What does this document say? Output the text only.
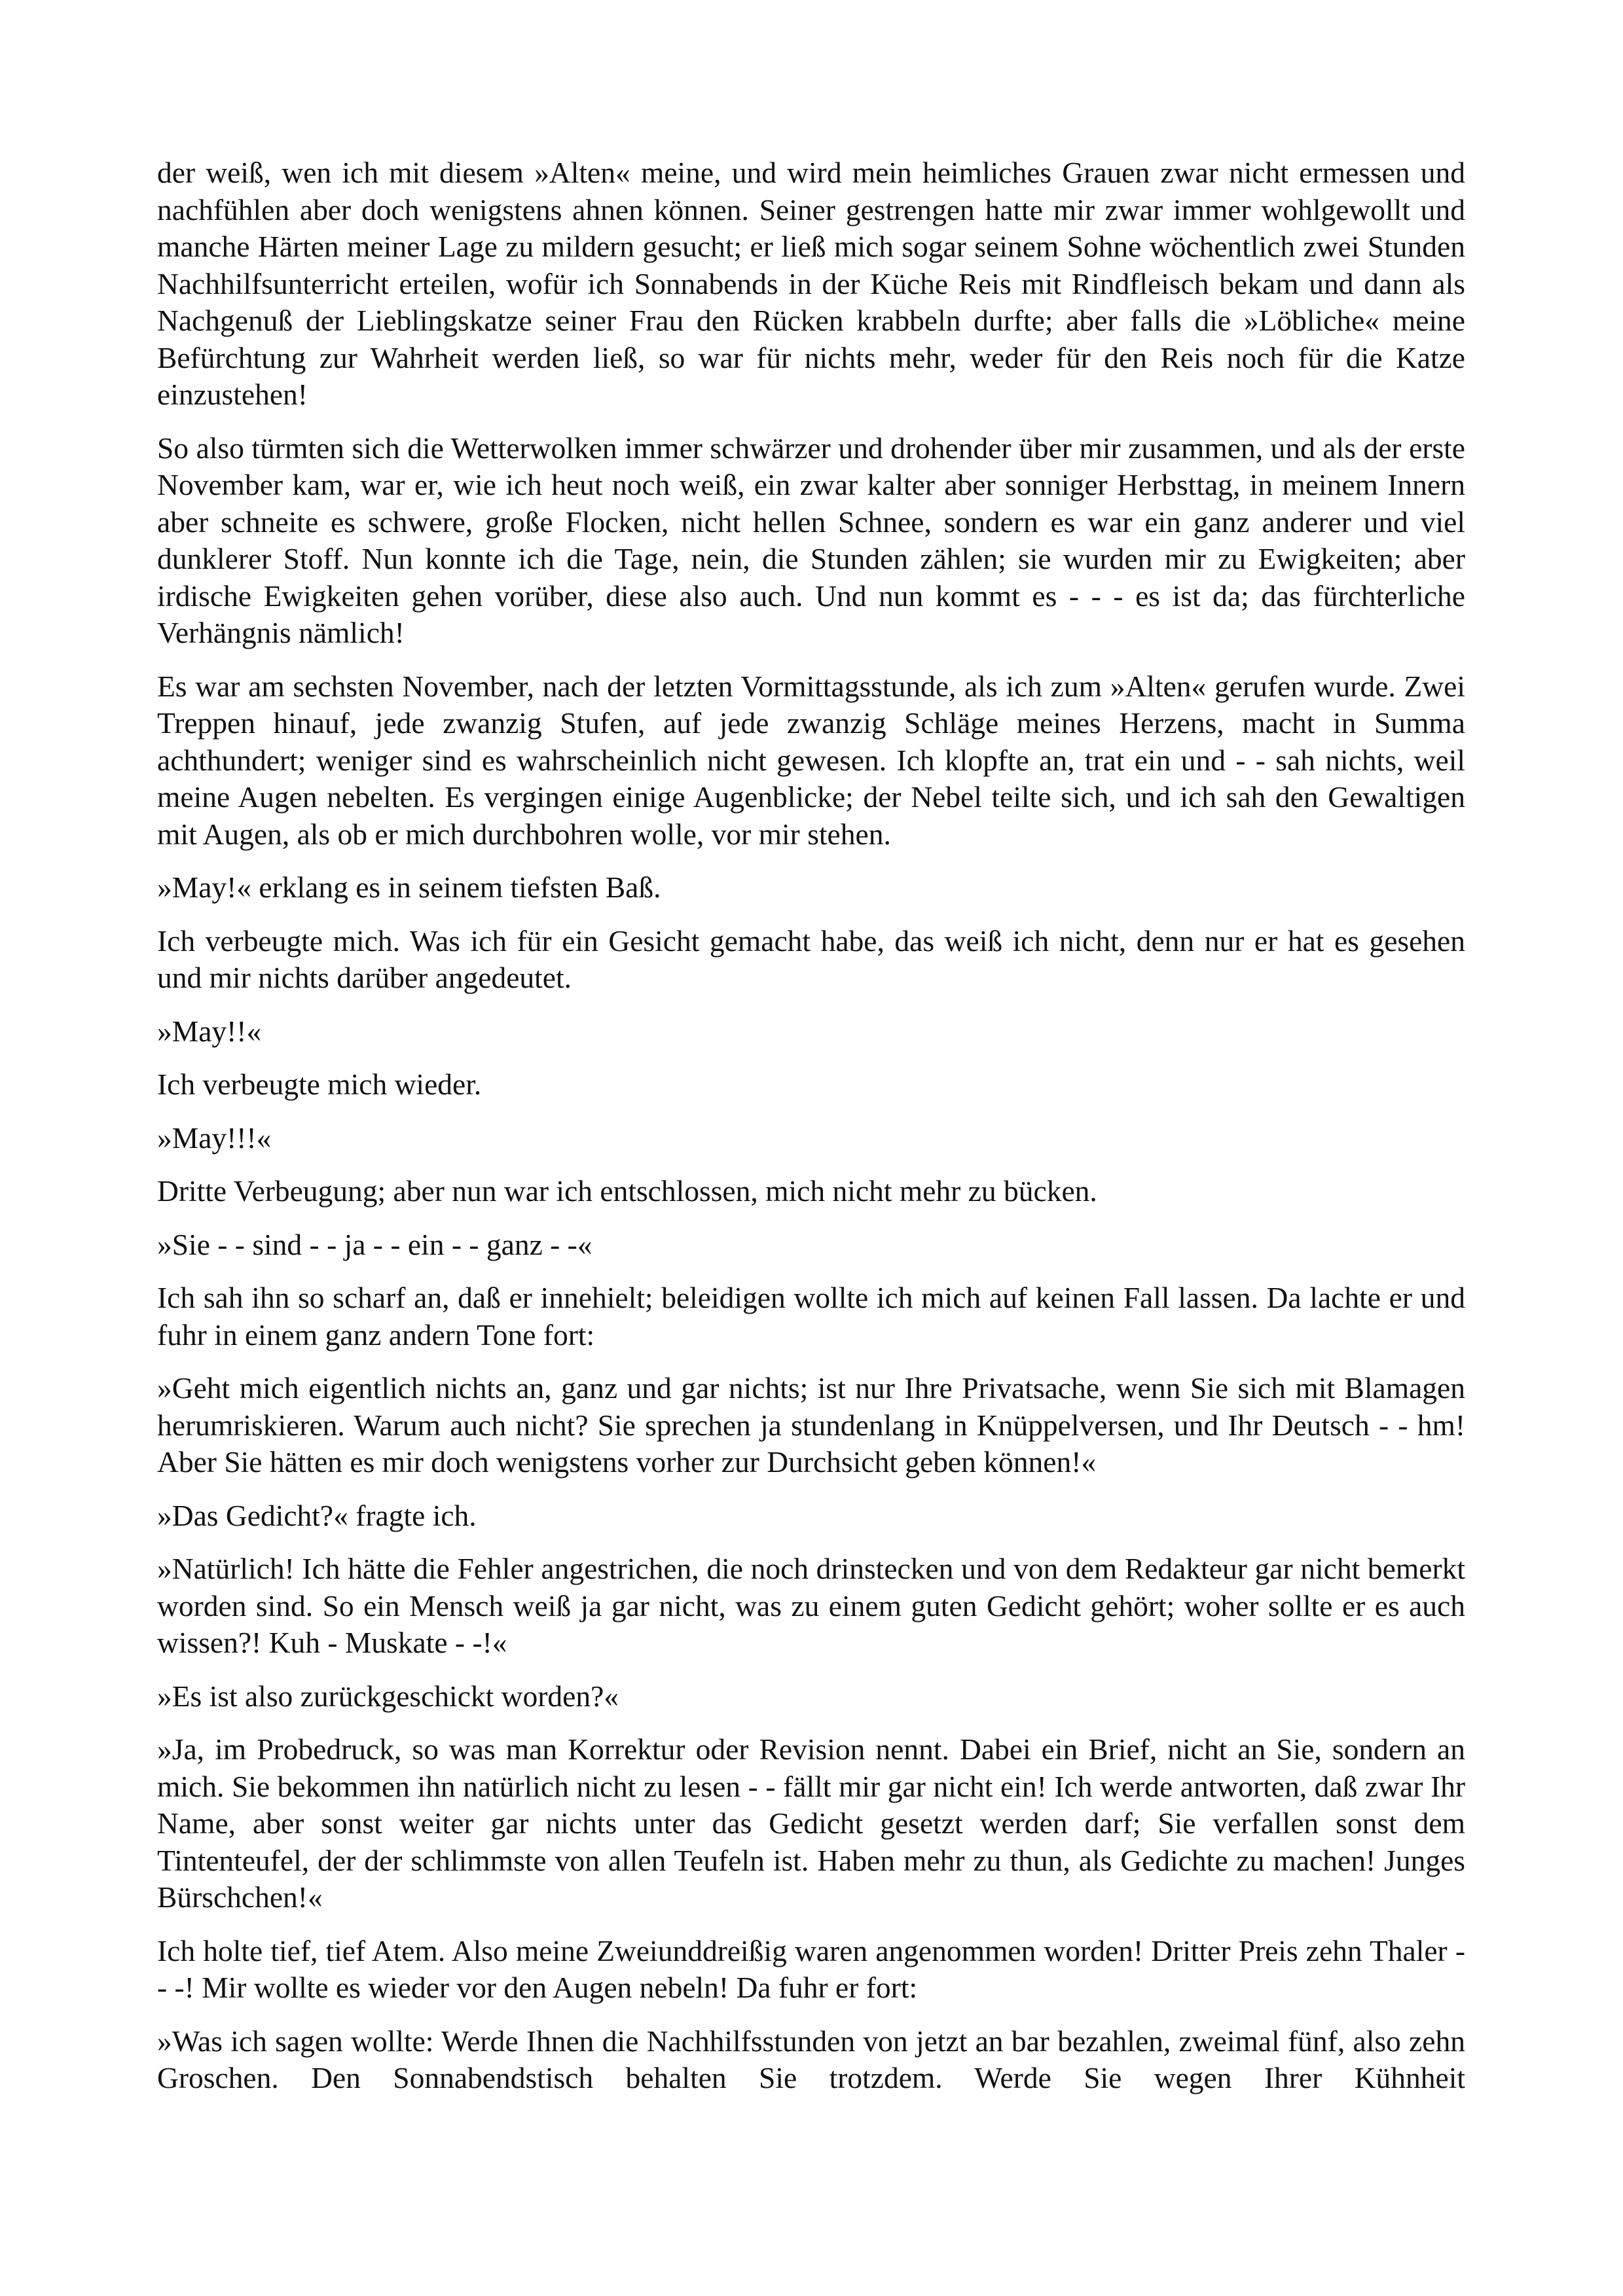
der weiß, wen ich mit diesem »Alten« meine, und wird mein heimliches Grauen zwar nicht ermessen und nachfühlen aber doch wenigstens ahnen können. Seiner gestrengen hatte mir zwar immer wohlgewollt und manche Härten meiner Lage zu mildern gesucht; er ließ mich sogar seinem Sohne wöchentlich zwei Stunden Nachhilfsunterricht erteilen, wofür ich Sonnabends in der Küche Reis mit Rindfleisch bekam und dann als Nachgenuß der Lieblingskatze seiner Frau den Rücken krabbeln durfte; aber falls die »Löbliche« meine Befürchtung zur Wahrheit werden ließ, so war für nichts mehr, weder für den Reis noch für die Katze einzustehen!

So also türmten sich die Wetterwolken immer schwärzer und drohender über mir zusammen, und als der erste November kam, war er, wie ich heut noch weiß, ein zwar kalter aber sonniger Herbsttag, in meinem Innern aber schneite es schwere, große Flocken, nicht hellen Schnee, sondern es war ein ganz anderer und viel dunklerer Stoff. Nun konnte ich die Tage, nein, die Stunden zählen; sie wurden mir zu Ewigkeiten; aber irdische Ewigkeiten gehen vorüber, diese also auch. Und nun kommt es - - - es ist da; das fürchterliche Verhängnis nämlich!

Es war am sechsten November, nach der letzten Vormittagsstunde, als ich zum »Alten« gerufen wurde. Zwei Treppen hinauf, jede zwanzig Stufen, auf jede zwanzig Schläge meines Herzens, macht in Summa achthundert; weniger sind es wahrscheinlich nicht gewesen. Ich klopfte an, trat ein und - - sah nichts, weil meine Augen nebelten. Es vergingen einige Augenblicke; der Nebel teilte sich, und ich sah den Gewaltigen mit Augen, als ob er mich durchbohren wolle, vor mir stehen.

»May!« erklang es in seinem tiefsten Baß.

Ich verbeugte mich. Was ich für ein Gesicht gemacht habe, das weiß ich nicht, denn nur er hat es gesehen und mir nichts darüber angedeutet.

»May!!«

Ich verbeugte mich wieder.

»May!!!«

Dritte Verbeugung; aber nun war ich entschlossen, mich nicht mehr zu bücken.

»Sie - - sind - - ja - - ein - - ganz - -«

Ich sah ihn so scharf an, daß er innehielt; beleidigen wollte ich mich auf keinen Fall lassen. Da lachte er und fuhr in einem ganz andern Tone fort:

»Geht mich eigentlich nichts an, ganz und gar nichts; ist nur Ihre Privatsache, wenn Sie sich mit Blamagen herumriskieren. Warum auch nicht? Sie sprechen ja stundenlang in Knüppelversen, und Ihr Deutsch - - hm! Aber Sie hätten es mir doch wenigstens vorher zur Durchsicht geben können!«

»Das Gedicht?« fragte ich.

»Natürlich! Ich hätte die Fehler angestrichen, die noch drinstecken und von dem Redakteur gar nicht bemerkt worden sind. So ein Mensch weiß ja gar nicht, was zu einem guten Gedicht gehört; woher sollte er es auch wissen?! Kuh - Muskate - -!«

»Es ist also zurückgeschickt worden?«

»Ja, im Probedruck, so was man Korrektur oder Revision nennt. Dabei ein Brief, nicht an Sie, sondern an mich. Sie bekommen ihn natürlich nicht zu lesen - - fällt mir gar nicht ein! Ich werde antworten, daß zwar Ihr Name, aber sonst weiter gar nichts unter das Gedicht gesetzt werden darf; Sie verfallen sonst dem Tintenteufel, der der schlimmste von allen Teufeln ist. Haben mehr zu thun, als Gedichte zu machen! Junges Bürschchen!«

Ich holte tief, tief Atem. Also meine Zweiunddreißig waren angenommen worden! Dritter Preis zehn Thaler - - -! Mir wollte es wieder vor den Augen nebeln! Da fuhr er fort:

»Was ich sagen wollte: Werde Ihnen die Nachhilfsstunden von jetzt an bar bezahlen, zweimal fünf, also zehn Groschen. Den Sonnabendstisch behalten Sie trotzdem. Werde Sie wegen Ihrer Kühnheit
